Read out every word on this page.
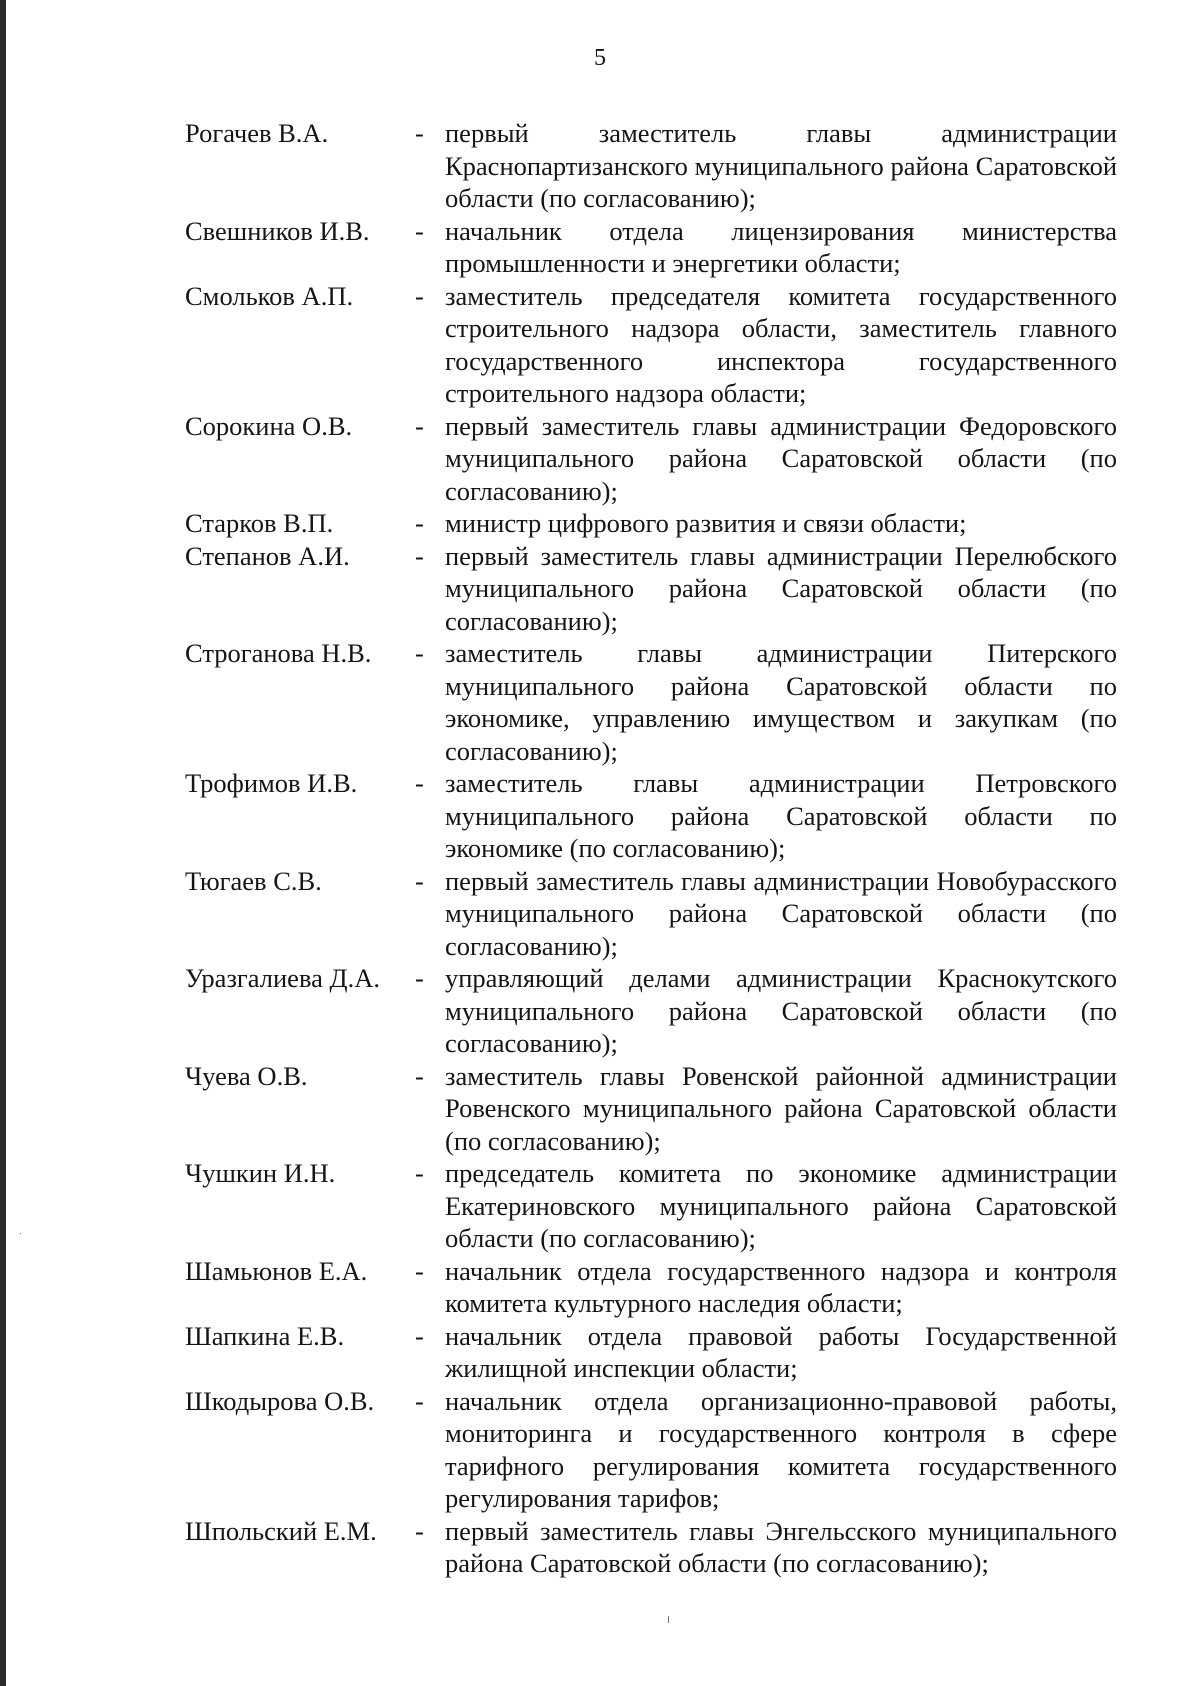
5
Рогачев В.А.	- первый заместитель главы администрации Краснопартизанского муниципального района Саратовской области (по согласованию);
Свешников И.В.	- начальник отдела лицензирования министерства промышленности и энергетики области;
Смольков А.П.	- заместитель председателя комитета государственного строительного надзора области, заместитель главного государственного инспектора государственного строительного надзора области;
Сорокина О.В.	- первый заместитель главы администрации Федоровского муниципального района Саратовской области (по согласованию);
Старков В.П.	- министр цифрового развития и связи области;
Степанов А.И.	- первый заместитель главы администрации Перелюбского муниципального района Саратовской области (по согласованию);
Строганова Н.В.	- заместитель главы администрации Питерского муниципального района Саратовской области по экономике, управлению имуществом и закупкам (по согласованию);
Трофимов И.В.	- заместитель главы администрации Петровского муниципального района Саратовской области по экономике (по согласованию);
Тюгаев С.В.	- первый заместитель главы администрации Новобурасского муниципального района Саратовской области (по согласованию);
Уразгалиева Д.А.	- управляющий делами администрации Краснокутского муниципального района Саратовской области (по согласованию);
Чуева О.В.	- заместитель главы Ровенской районной администрации Ровенского муниципального района Саратовской области (по согласованию);
Чушкин И.Н.	- председатель комитета по экономике администрации Екатериновского муниципального района Саратовской области (по согласованию);
Шамьюнов Е.А.	- начальник отдела государственного надзора и контроля комитета культурного наследия области;
Шапкина Е.В.	- начальник отдела правовой работы Государственной жилищной инспекции области;
Шкодырова О.В.	- начальник отдела организационно-правовой работы, мониторинга и государственного контроля в сфере тарифного регулирования комитета государственного регулирования тарифов;
Шпольский Е.М.	- первый заместитель главы Энгельсского муниципального района Саратовской области (по согласованию);
